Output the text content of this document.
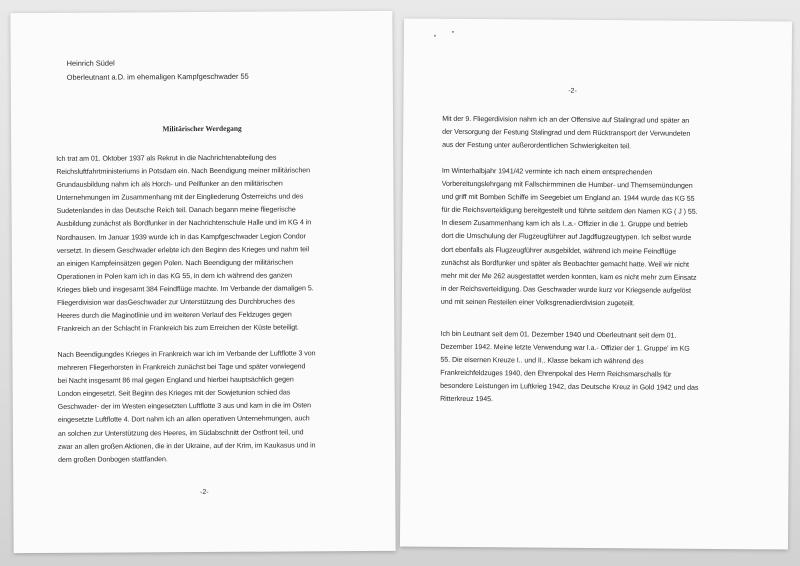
Heinrich Südel

Oberleutnant a.D. im ehemaligen Kampfgeschwader 55

Militärischer Werdegang

Ich trat am 01. Oktober 1937 als Rekrut in die Nachrichtenabteilung des
Reichsluftfahrtministeriums in Potsdam ein. Nach Beendigung meiner militärischen
Grundausbildung nahm ich als Horch- und Peilfunker an den militärischen
Unternehmungen im Zusammenhang mit der Eingliederung Österreichs und des
Sudetenlandes in das Deutsche Reich teil. Danach begann meine fliegerische
Ausbildung zunächst als Bordfunker in der Nachrichtenschule Halle und im KG 4 in
Nordhausen. Im Januar 1939 wurde ich in das Kampfgeschwader Legion Condor
versetzt. In diesem Geschwader erlebte ich den Beginn des Krieges und nahm teil
an einigen Kampfeinsätzen gegen Polen. Nach Beendigung der militärischen
Operationen in Polen kam ich in das KG 55, in dem ich während des ganzen
Krieges blieb und insgesamt 384 Feindflüge machte. Im Verbande der damaligen 5.
Fliegerdivision war dasGeschwader zur Unterstützung des Durchbruches des
Heeres durch die Maginotlinie und im weiteren Verlauf des Feldzuges gegen
Frankreich an der Schlacht in Frankreich bis zum Erreichen der Küste beteiligt.

Nach Beendigungdes Krieges in Frankreich war ich im Verbande der Luftflotte 3 von
mehreren Fliegerhorsten in Frankreich zunächst bei Tage und später vorwiegend
bei Nacht insgesamt 86 mal gegen England und hierbei hauptsächlich gegen
London eingesetzt. Seit Beginn des Krieges mit der Sowjetunion schied das
Geschwader- der im Westen eingesetzten Luftflotte 3 aus und kam in die im Osten
eingesetzte Luftflotte 4. Dort nahm ich an allen operativen Unternehmungen, auch
an solchen zur Unterstützung des Heeres, im Südabschnitt der Ostfront teil, und
zwar an allen großen Aktionen, die in der Ukraine, auf der Krim, im Kaukasus und in
dem großen Donbogen stattfanden.

-2-

-2-

Mit der 9. Fliegerdivision nahm ich an der Offensive auf Stalingrad und später an
der Versorgung der Festung Stalingrad und dem Rücktransport der Verwundeten
aus der Festung unter außerordentlichen Schwierigkeiten teil.

Im Winterhalbjahr 1941/42 verminte ich nach einem entsprechenden
Vorbereitungslehrgang mit Fallschirmminen die Humber- und Themsemündungen
und griff mit Bomben Schiffe im Seegebiet um England an. 1944 wurde das KG 55
für die Reichsverteidigung bereitgestellt und führte seitdem den Namen KG ( J ) 55.
In diesem Zusammenhang kam ich als I..a.- Offizier in die 1. Gruppe und betrieb
dort die Umschulung der Flugzeugführer auf Jagdflugzeugtypen. Ich selbst wurde
dort ebenfalls als Flugzeugführer ausgebildet, während ich meine Feindflüge
zunächst als Bordfunker und später als Beobachter gemacht hatte. Weil wir nicht
mehr mit der Me 262 ausgestattet werden konnten, kam es nicht mehr zum Einsatz
in der Reichsverteidigung. Das Geschwader wurde kurz vor Kriegsende aufgelöst
und mit seinen Resteilen einer Volksgrenadierdivision zugeteilt.

Ich bin Leutnant seit dem 01. Dezember 1940 und Oberleutnant seit dem 01.
Dezember 1942. Meine letzte Verwendung war I.a.- Offizier der 1. Gruppe' im KG
55. Die eisernen Kreuze I.. und II.. Klasse bekam ich während des
Frankreichfeldzuges 1940, den Ehrenpokal des Herrn Reichsmarschalls für
besondere Leistungen im Luftkrieg 1942, das Deutsche Kreuz in Gold 1942 und das
Ritterkreuz 1945.
